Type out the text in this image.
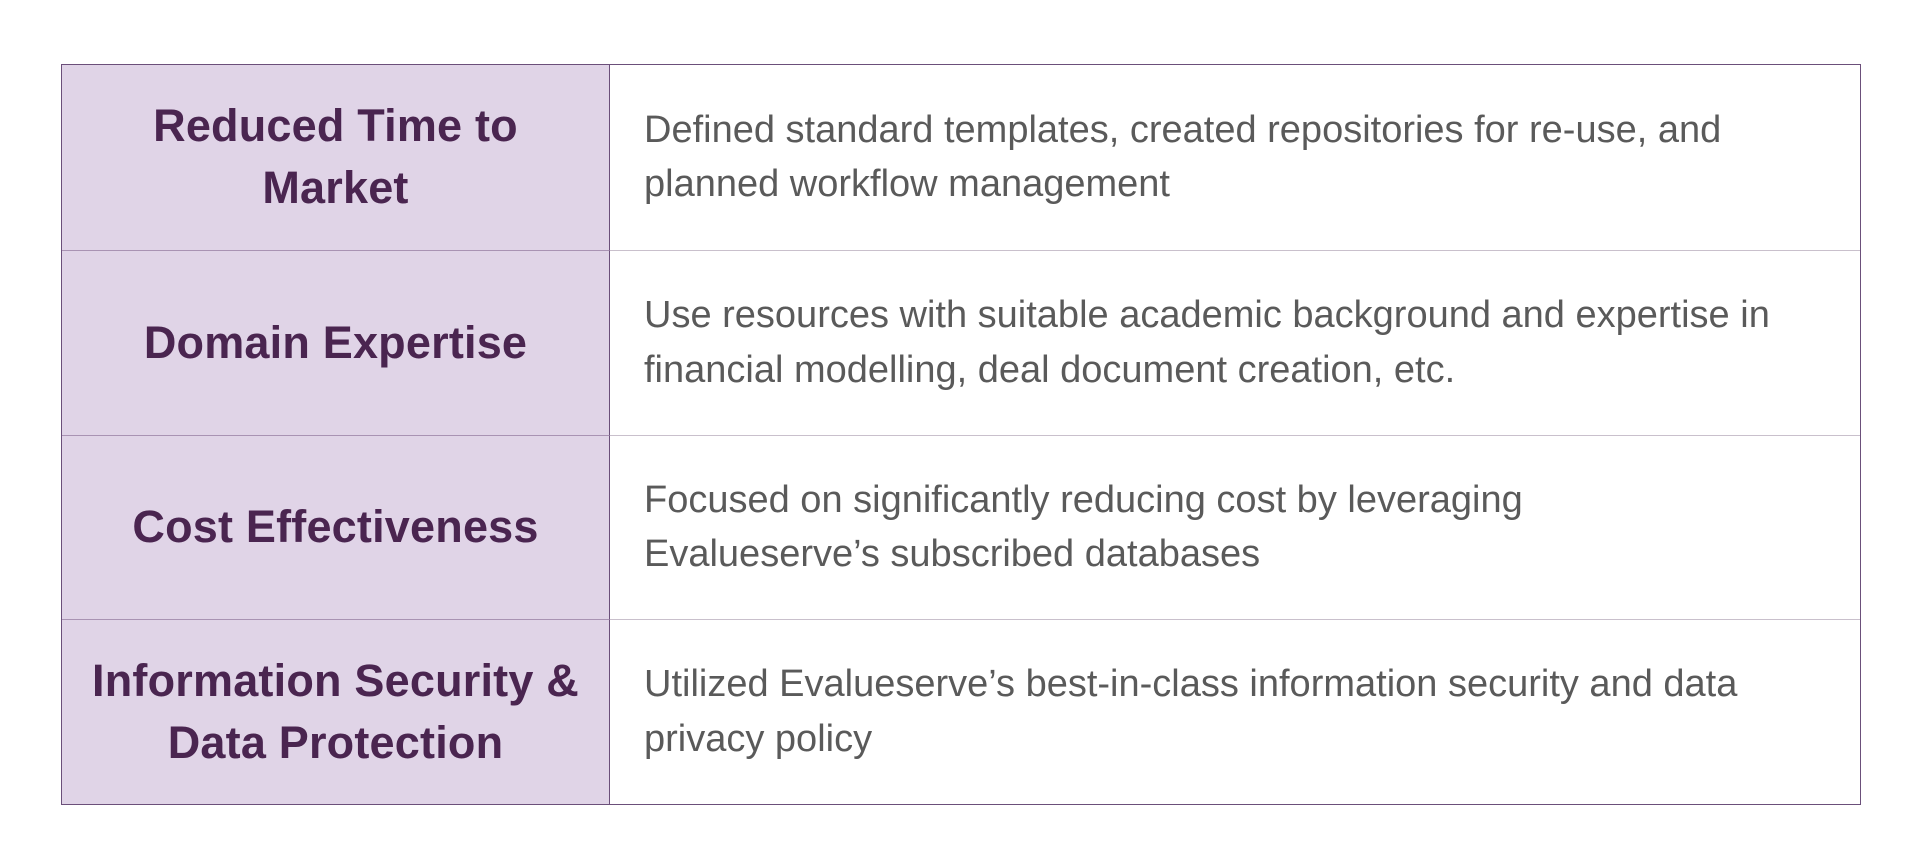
Reduced Time to Market
Defined standard templates, created repositories for re-use, and planned workflow management
Domain Expertise
Use resources with suitable academic background and expertise in financial modelling, deal document creation, etc.
Cost Effectiveness
Focused on significantly reducing cost by leveraging Evalueserve’s subscribed databases
Information Security & Data Protection
Utilized Evalueserve’s best-in-class information security and data privacy policy
